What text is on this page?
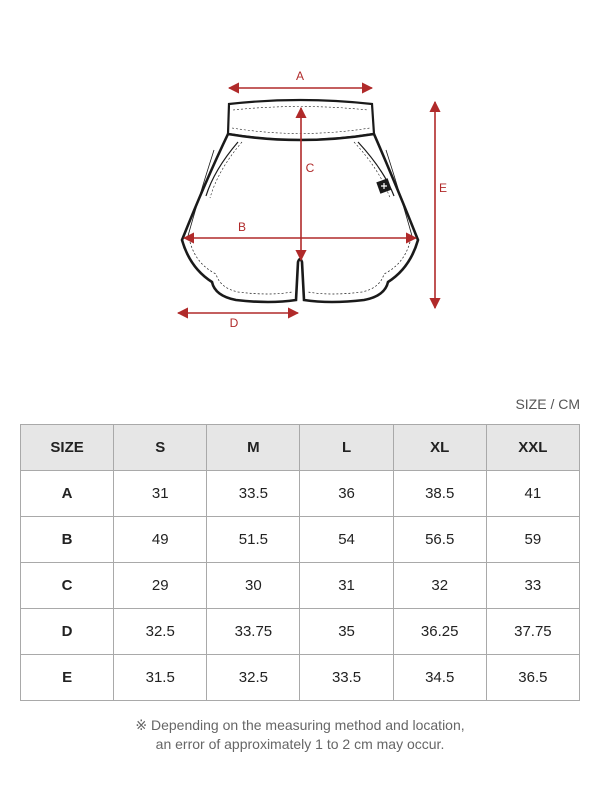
A
B
C
D
E
SIZE / CM
SIZE	S	M	L	XL	XXL
A	31	33.5	36	38.5	41
B	49	51.5	54	56.5	59
C	29	30	31	32	33
D	32.5	33.75	35	36.25	37.75
E	31.5	32.5	33.5	34.5	36.5
※ Depending on the measuring method and location,
an error of approximately 1 to 2 cm may occur.
